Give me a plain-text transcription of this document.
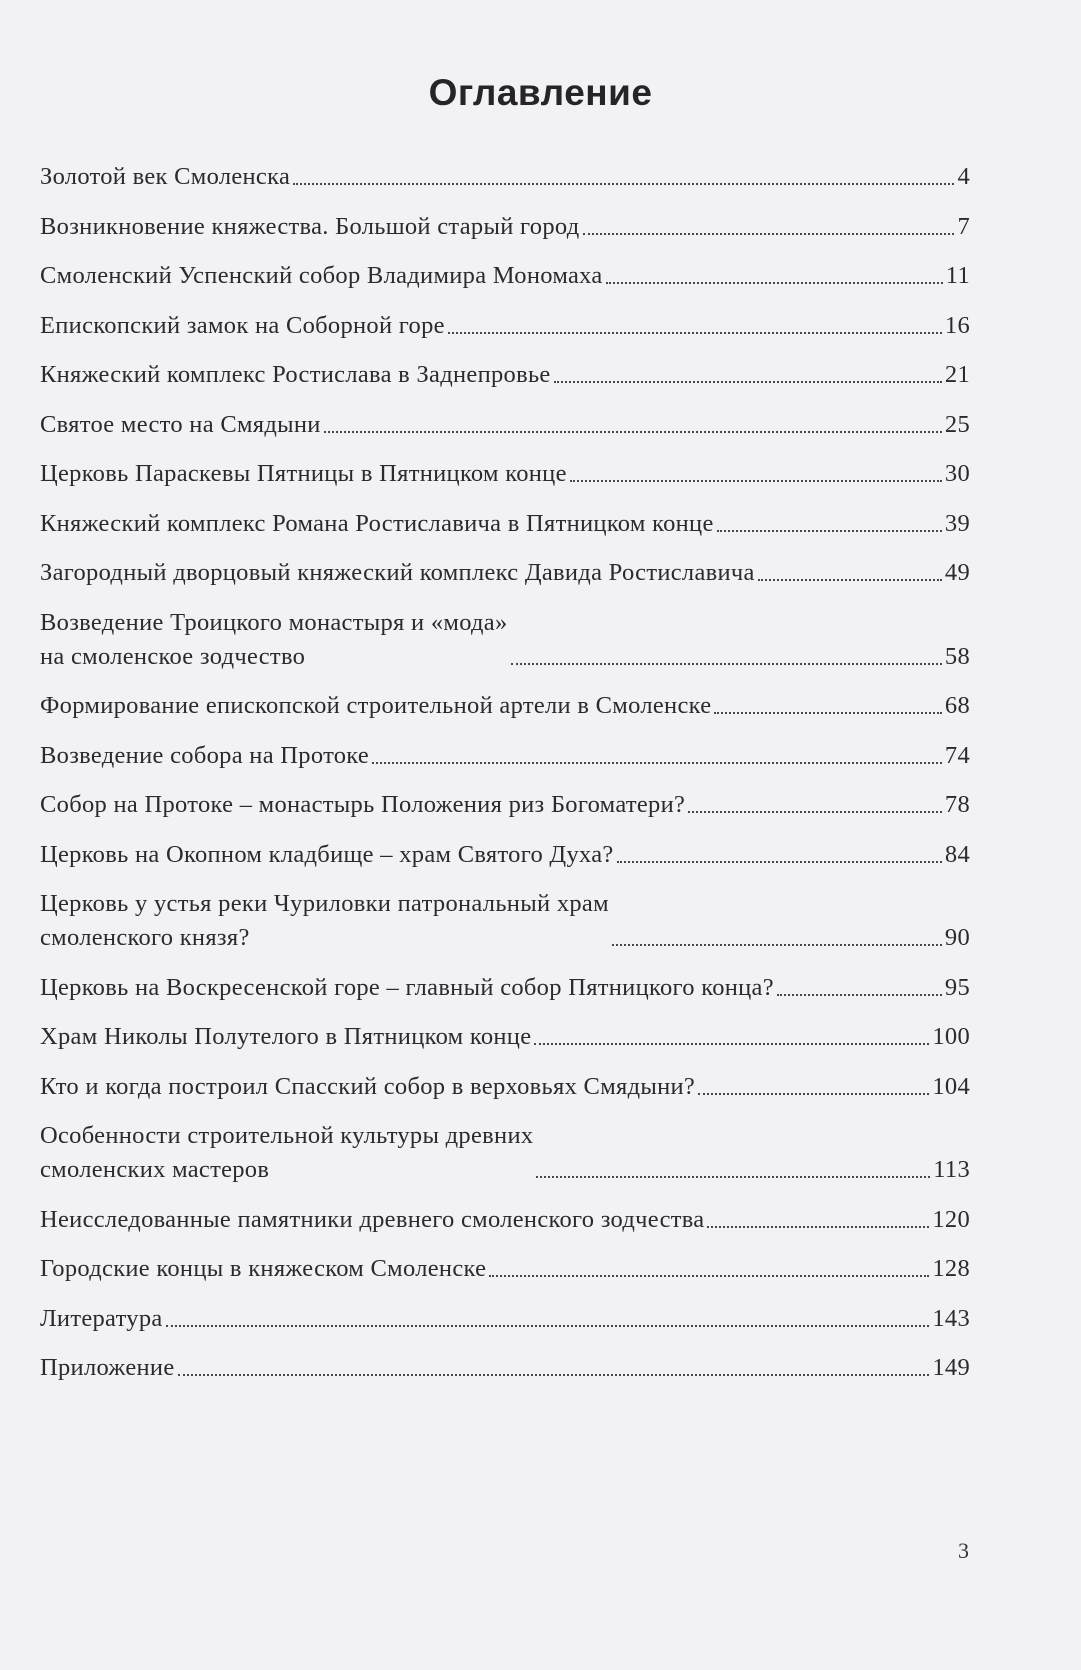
Оглавление
Золотой век Смоленска	4
Возникновение княжества. Большой старый город	7
Смоленский Успенский собор Владимира Мономаха	11
Епископский замок на Соборной горе	16
Княжеский комплекс Ростислава в Заднепровье	21
Святое место на Смядыни	25
Церковь Параскевы Пятницы в Пятницком конце	30
Княжеский комплекс Романа Ростиславича в Пятницком конце	39
Загородный дворцовый княжеский комплекс Давида Ростиславича	49
Возведение Троицкого монастыря и «мода»
на смоленское зодчество	58
Формирование епископской строительной артели в Смоленске	68
Возведение собора на Протоке	74
Собор на Протоке – монастырь Положения риз Богоматери?	78
Церковь на Окопном кладбище – храм Святого Духа?	84
Церковь у устья реки Чуриловки патрональный храм
смоленского князя?	90
Церковь на Воскресенской горе – главный собор Пятницкого конца?	95
Храм Николы Полутелого в Пятницком конце	100
Кто и когда построил Спасский собор в верховьях Смядыни?	104
Особенности строительной культуры древних
смоленских мастеров	113
Неисследованные памятники древнего смоленского зодчества	120
Городские концы в княжеском Смоленске	128
Литература	143
Приложение	149
3
